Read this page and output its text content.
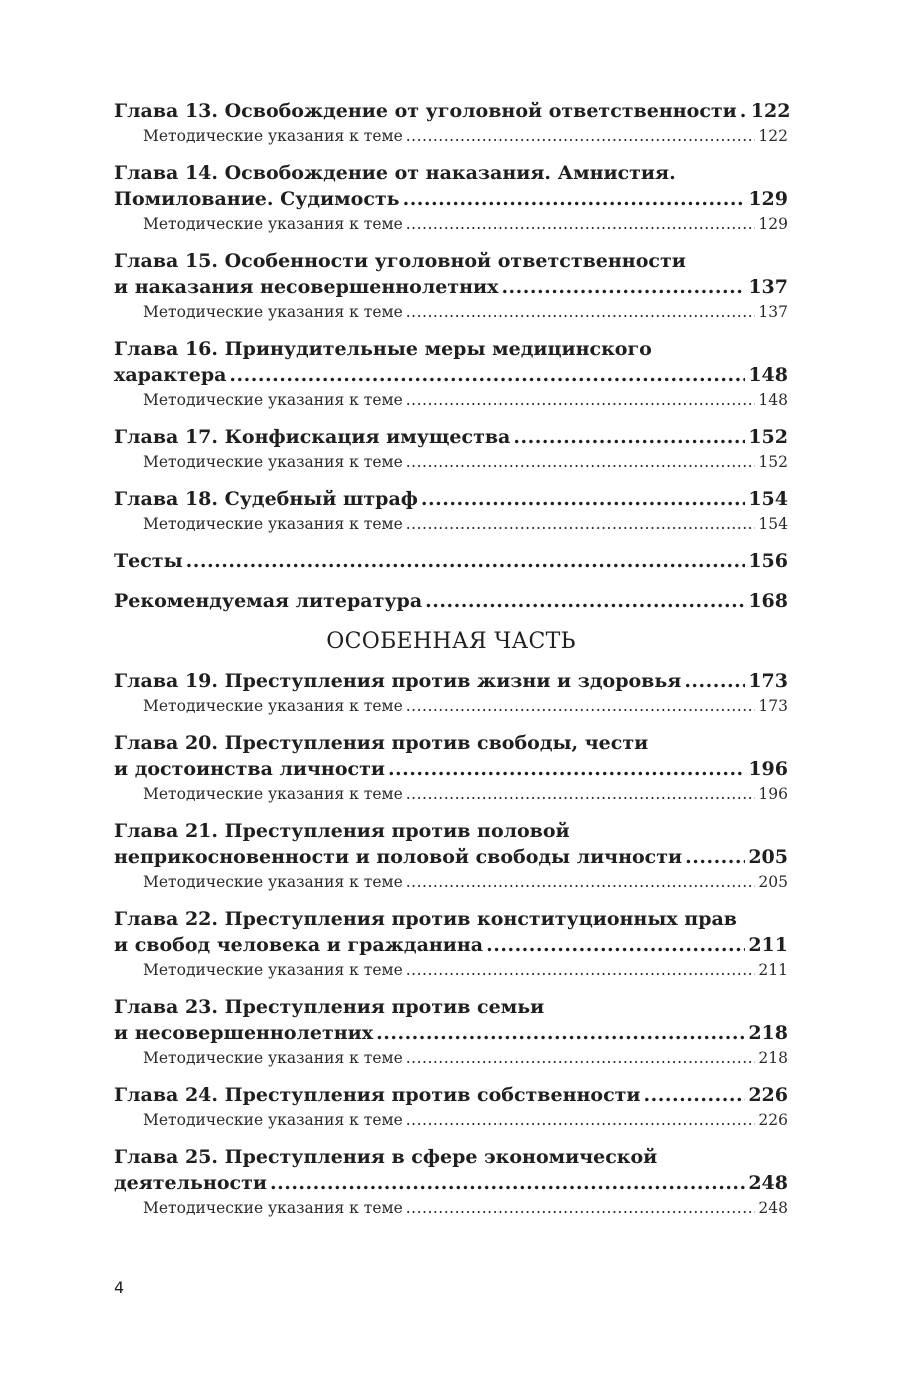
Глава 13. Освобождение от уголовной ответственности ..... 122
Методические указания к теме .....	122
Глава 14. Освобождение от наказания. Амнистия.
Помилование. Судимость .....	129
Методические указания к теме .....	129
Глава 15. Особенности уголовной ответственности
и наказания несовершеннолетних .....	137
Методические указания к теме .....	137
Глава 16. Принудительные меры медицинского
характера .....	148
Методические указания к теме .....	148
Глава 17. Конфискация имущества .....	152
Методические указания к теме .....	152
Глава 18. Судебный штраф .....	154
Методические указания к теме .....	154
Тесты .....	156
Рекомендуемая литература .....	168
ОСОБЕННАЯ ЧАСТЬ
Глава 19. Преступления против жизни и здоровья .....	173
Методические указания к теме .....	173
Глава 20. Преступления против свободы, чести
и достоинства личности .....	196
Методические указания к теме .....	196
Глава 21. Преступления против половой
неприкосновенности и половой свободы личности .....	205
Методические указания к теме .....	205
Глава 22. Преступления против конституционных прав
и свобод человека и гражданина .....	211
Методические указания к теме .....	211
Глава 23. Преступления против семьи
и несовершеннолетних .....	218
Методические указания к теме .....	218
Глава 24. Преступления против собственности .....	226
Методические указания к теме .....	226
Глава 25. Преступления в сфере экономической
деятельности .....	248
Методические указания к теме .....	248
4
